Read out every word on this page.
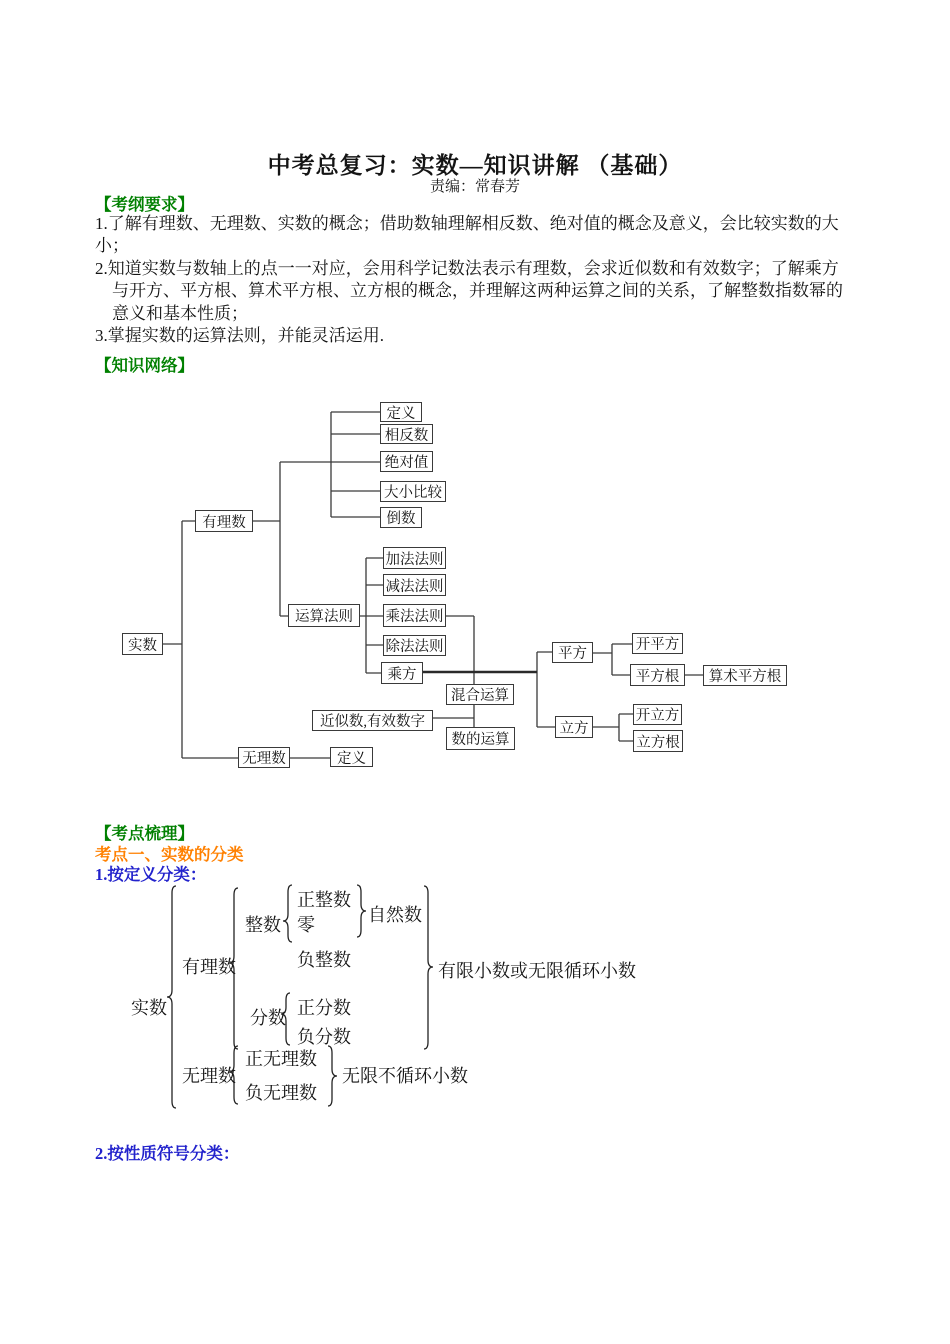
中考总复习：实数—知识讲解 （基础）
责编：常春芳
【考纲要求】
1.了解有理数、无理数、实数的概念；借助数轴理解相反数、绝对值的概念及意义，会比较实数的大
小；
2.知道实数与数轴上的点一一对应，会用科学记数法表示有理数，会求近似数和有效数字；了解乘方
与开方、平方根、算术平方根、立方根的概念，并理解这两种运算之间的关系，了解整数指数幂的
意义和基本性质；
3.掌握实数的运算法则，并能灵活运用.
【知识网络】
实数
有理数
定义
相反数
绝对值
大小比较
倒数
运算法则
加法法则
减法法则
乘法法则
除法法则
乘方
混合运算
近似数,有效数字
数的运算
无理数	定义
平方
开平方
平方根	算术平方根
立方
开立方
立方根
【考点梳理】
考点一、实数的分类
1.按定义分类：
实数
有理数
整数
正整数
零	自然数
负整数
分数 正分数
负分数
有限小数或无限循环小数
无理数
正无理数
负无理数
无限不循环小数
2.按性质符号分类：
